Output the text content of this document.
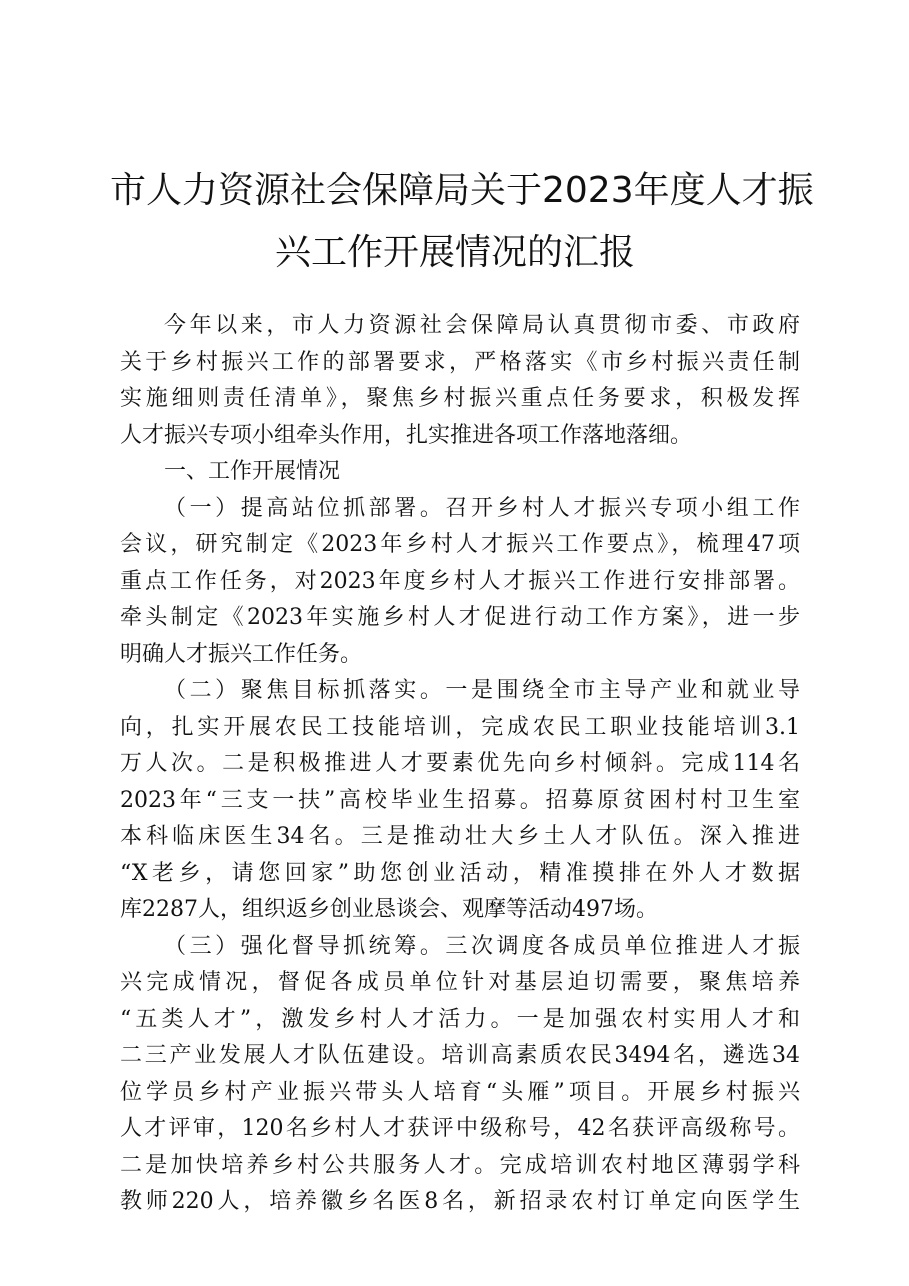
市人力资源社会保障局关于2023年度人才振
兴工作开展情况的汇报
今年以来，市人力资源社会保障局认真贯彻市委、市政府
关于乡村振兴工作的部署要求，严格落实《市乡村振兴责任制
实施细则责任清单》，聚焦乡村振兴重点任务要求，积极发挥
人才振兴专项小组牵头作用，扎实推进各项工作落地落细。
一、工作开展情况
（一）提高站位抓部署。召开乡村人才振兴专项小组工作
会议，研究制定《2023年乡村人才振兴工作要点》，梳理47项
重点工作任务，对2023年度乡村人才振兴工作进行安排部署。
牵头制定《2023年实施乡村人才促进行动工作方案》，进一步
明确人才振兴工作任务。
（二）聚焦目标抓落实。一是围绕全市主导产业和就业导
向，扎实开展农民工技能培训，完成农民工职业技能培训3.1
万人次。二是积极推进人才要素优先向乡村倾斜。完成114名
2023年“三支一扶”高校毕业生招募。招募原贫困村村卫生室
本科临床医生34名。三是推动壮大乡土人才队伍。深入推进
“X老乡，请您回家”助您创业活动，精准摸排在外人才数据
库2287人，组织返乡创业恳谈会、观摩等活动497场。
（三）强化督导抓统筹。三次调度各成员单位推进人才振
兴完成情况，督促各成员单位针对基层迫切需要，聚焦培养
“五类人才”，激发乡村人才活力。一是加强农村实用人才和
二三产业发展人才队伍建设。培训高素质农民3494名，遴选34
位学员乡村产业振兴带头人培育“头雁”项目。开展乡村振兴
人才评审，120名乡村人才获评中级称号，42名获评高级称号。
二是加快培养乡村公共服务人才。完成培训农村地区薄弱学科
教师220人，培养徽乡名医8名，新招录农村订单定向医学生
